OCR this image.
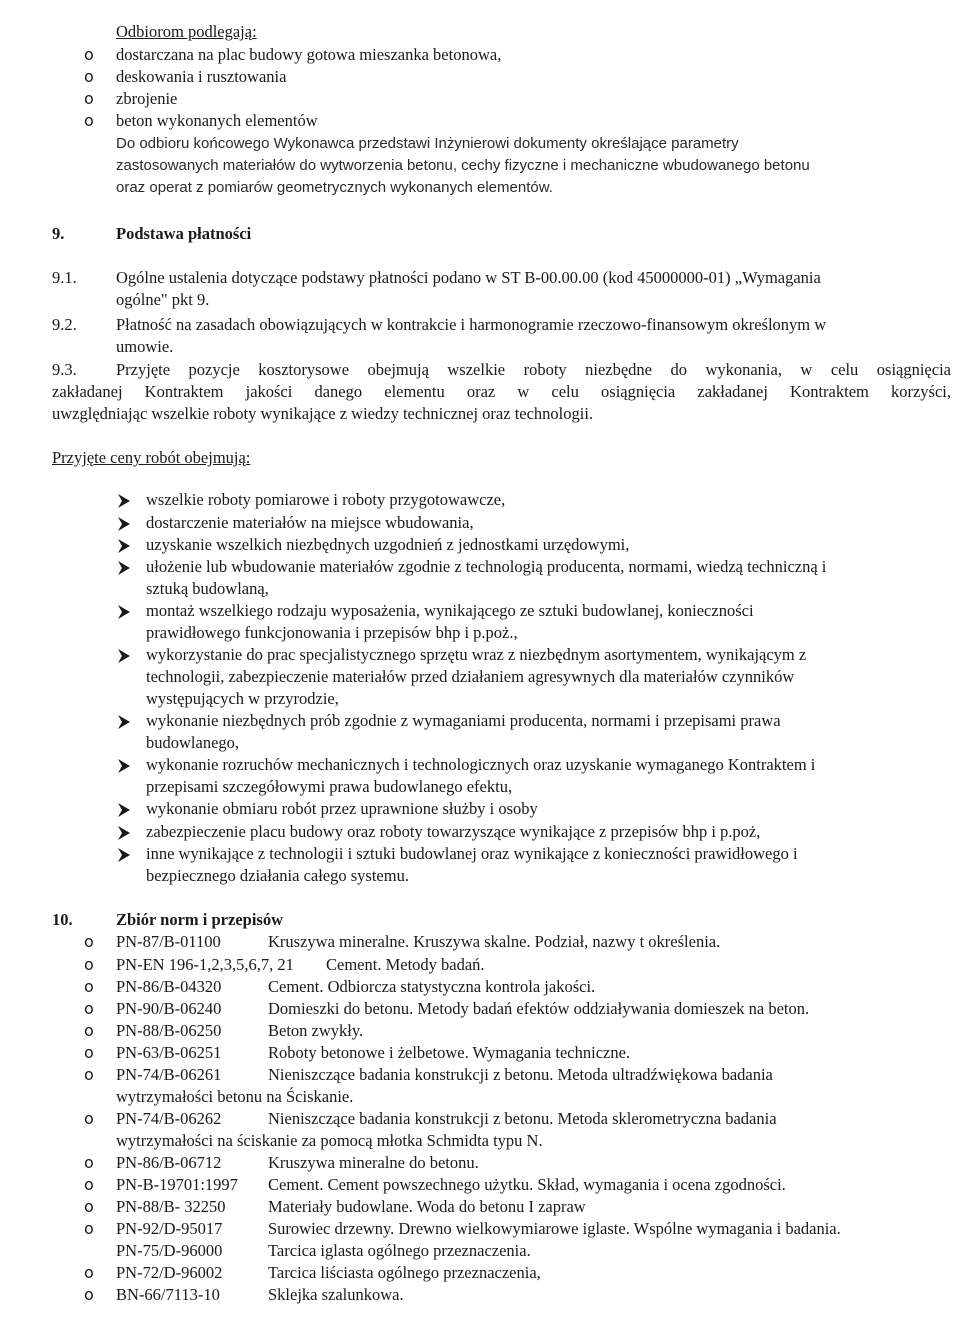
Odbiorom podlegają:
o dostarczana na plac budowy gotowa mieszanka betonowa,
o deskowania i rusztowania
o zbrojenie
o beton wykonanych elementów
Do odbioru końcowego Wykonawca przedstawi Inżynierowi dokumenty określające parametry
zastosowanych materiałów do wytworzenia betonu, cechy fizyczne i mechaniczne wbudowanego betonu
oraz operat z pomiarów geometrycznych wykonanych elementów.
9.	Podstawa płatności
9.1. Ogólne ustalenia dotyczące podstawy płatności podano w ST B-00.00.00 (kod 45000000-01) „Wymagania
ogólne" pkt 9.
9.2. Płatność na zasadach obowiązujących w kontrakcie i harmonogramie rzeczowo-finansowym określonym w
umowie.
9.3. Przyjęte pozycje kosztorysowe obejmują wszelkie roboty niezbędne do wykonania, w celu osiągnięcia
zakładanej Kontraktem jakości danego elementu oraz w celu osiągnięcia zakładanej Kontraktem korzyści,
uwzględniając wszelkie roboty wynikające z wiedzy technicznej oraz technologii.
Przyjęte ceny robót obejmują:
wszelkie roboty pomiarowe i roboty przygotowawcze,
dostarczenie materiałów na miejsce wbudowania,
uzyskanie wszelkich niezbędnych uzgodnień z jednostkami urzędowymi,
ułożenie lub wbudowanie materiałów zgodnie z technologią producenta, normami, wiedzą techniczną i
sztuką budowlaną,
montaż wszelkiego rodzaju wyposażenia, wynikającego ze sztuki budowlanej, konieczności
prawidłowego funkcjonowania i przepisów bhp i p.poż.,
wykorzystanie do prac specjalistycznego sprzętu wraz z niezbędnym asortymentem, wynikającym z
technologii, zabezpieczenie materiałów przed działaniem agresywnych dla materiałów czynników
występujących w przyrodzie,
wykonanie niezbędnych prób zgodnie z wymaganiami producenta, normami i przepisami prawa
budowlanego,
wykonanie rozruchów mechanicznych i technologicznych oraz uzyskanie wymaganego Kontraktem i
przepisami szczegółowymi prawa budowlanego efektu,
wykonanie obmiaru robót przez uprawnione służby i osoby
zabezpieczenie placu budowy oraz roboty towarzyszące wynikające z przepisów bhp i p.poż,
inne wynikające z technologii i sztuki budowlanej oraz wynikające z konieczności prawidłowego i
bezpiecznego działania całego systemu.
10.	Zbiór norm i przepisów
o PN-87/B-01100	Kruszywa mineralne. Kruszywa skalne. Podział, nazwy t określenia.
o PN-EN 196-1,2,3,5,6,7, 21 Cement. Metody badań.
o PN-86/B-04320	Cement. Odbiorcza statystyczna kontrola jakości.
o PN-90/B-06240	Domieszki do betonu. Metody badań efektów oddziaływania domieszek na beton.
o PN-88/B-06250	Beton zwykły.
o PN-63/B-06251	Roboty betonowe i żelbetowe. Wymagania techniczne.
o PN-74/B-06261	Nieniszczące badania konstrukcji z betonu. Metoda ultradźwiękowa badania
wytrzymałości betonu na Ściskanie.
o PN-74/B-06262	Nieniszczące badania konstrukcji z betonu. Metoda sklerometryczna badania
wytrzymałości na ściskanie za pomocą młotka Schmidta typu N.
o PN-86/B-06712	Kruszywa mineralne do betonu.
o PN-B-19701:1997 Cement. Cement powszechnego użytku. Skład, wymagania i ocena zgodności.
o PN-88/B- 32250	Materiały budowlane. Woda do betonu I zapraw
o PN-92/D-95017	Surowiec drzewny. Drewno wielkowymiarowe iglaste. Wspólne wymagania i badania.
PN-75/D-96000	Tarcica iglasta ogólnego przeznaczenia.
o PN-72/D-96002	Tarcica liściasta ogólnego przeznaczenia,
o BN-66/7113-10	Sklejka szalunkowa.
